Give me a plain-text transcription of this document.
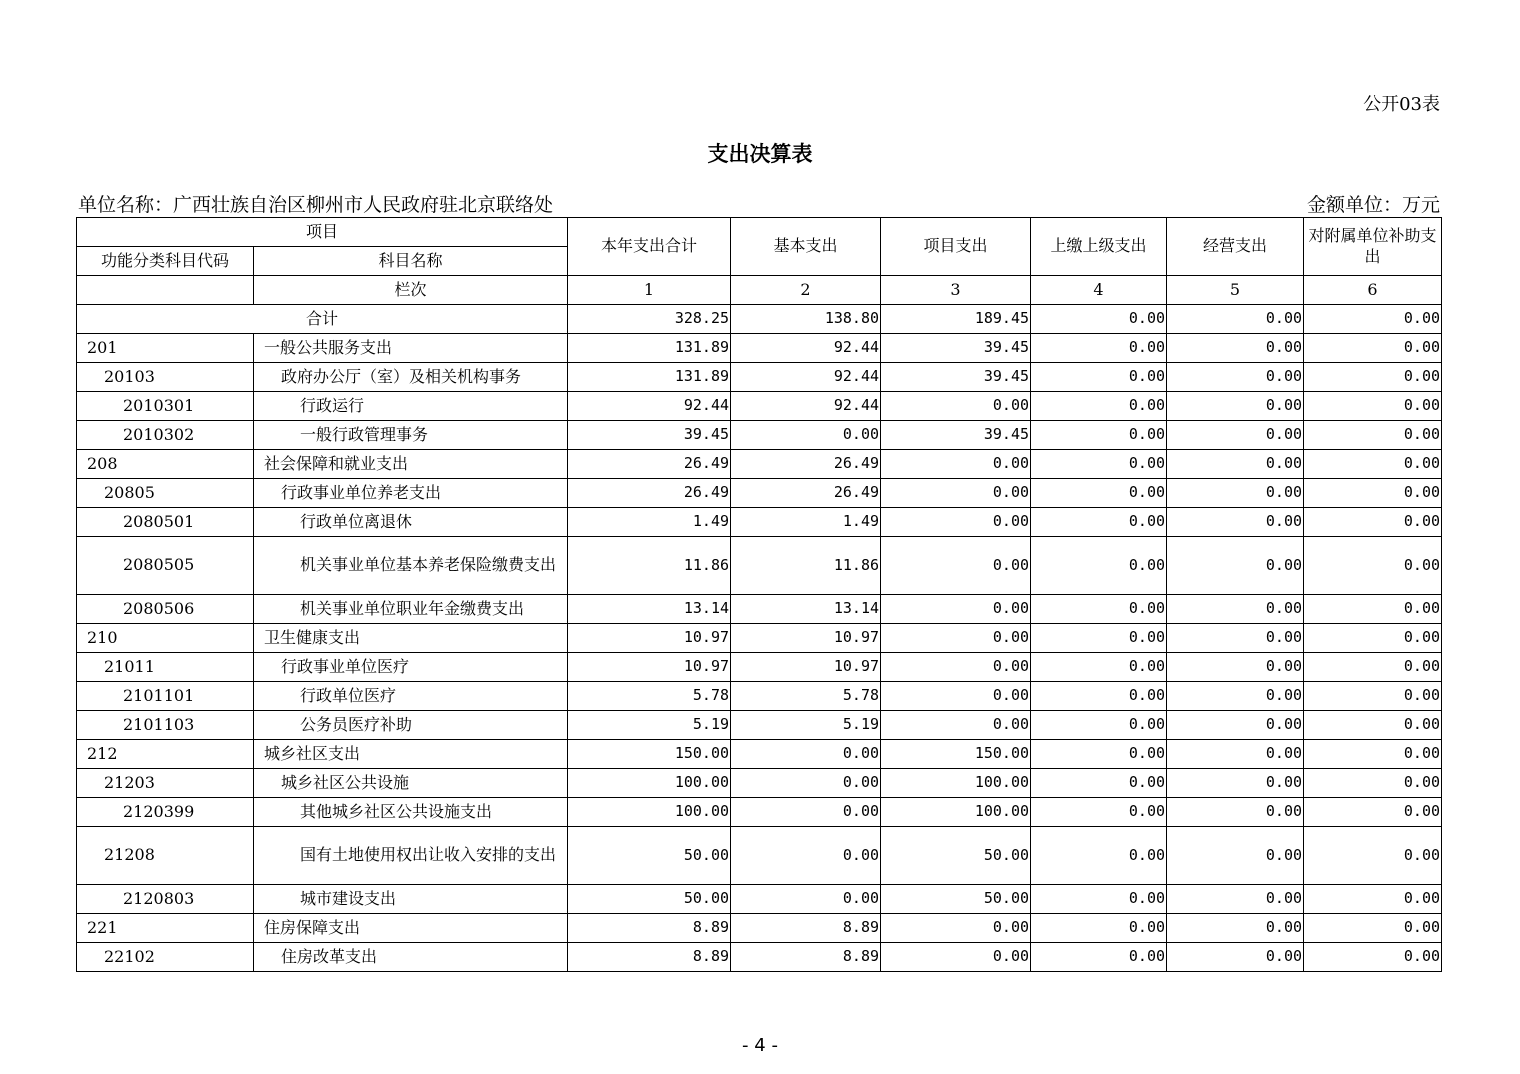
公开03表
支出决算表
单位名称：广西壮族自治区柳州市人民政府驻北京联络处	金额单位：万元
项目		本年支出合计	基本支出	项目支出	上缴上级支出	经营支出	对附属单位补助支出
功能分类科目代码	科目名称						
	栏次	1	2	3	4	5	6
合计		328.25	138.80	189.45	0.00	0.00	0.00
201	一般公共服务支出	131.89	92.44	39.45	0.00	0.00	0.00
20103	政府办公厅（室）及相关机构事务	131.89	92.44	39.45	0.00	0.00	0.00
2010301	行政运行	92.44	92.44	0.00	0.00	0.00	0.00
2010302	一般行政管理事务	39.45	0.00	39.45	0.00	0.00	0.00
208	社会保障和就业支出	26.49	26.49	0.00	0.00	0.00	0.00
20805	行政事业单位养老支出	26.49	26.49	0.00	0.00	0.00	0.00
2080501	行政单位离退休	1.49	1.49	0.00	0.00	0.00	0.00
2080505	机关事业单位基本养老保险缴费支出	11.86	11.86	0.00	0.00	0.00	0.00
2080506	机关事业单位职业年金缴费支出	13.14	13.14	0.00	0.00	0.00	0.00
210	卫生健康支出	10.97	10.97	0.00	0.00	0.00	0.00
21011	行政事业单位医疗	10.97	10.97	0.00	0.00	0.00	0.00
2101101	行政单位医疗	5.78	5.78	0.00	0.00	0.00	0.00
2101103	公务员医疗补助	5.19	5.19	0.00	0.00	0.00	0.00
212	城乡社区支出	150.00	0.00	150.00	0.00	0.00	0.00
21203	城乡社区公共设施	100.00	0.00	100.00	0.00	0.00	0.00
2120399	其他城乡社区公共设施支出	100.00	0.00	100.00	0.00	0.00	0.00
21208	国有土地使用权出让收入安排的支出	50.00	0.00	50.00	0.00	0.00	0.00
2120803	城市建设支出	50.00	0.00	50.00	0.00	0.00	0.00
221	住房保障支出	8.89	8.89	0.00	0.00	0.00	0.00
22102	住房改革支出	8.89	8.89	0.00	0.00	0.00	0.00
- 4 -
